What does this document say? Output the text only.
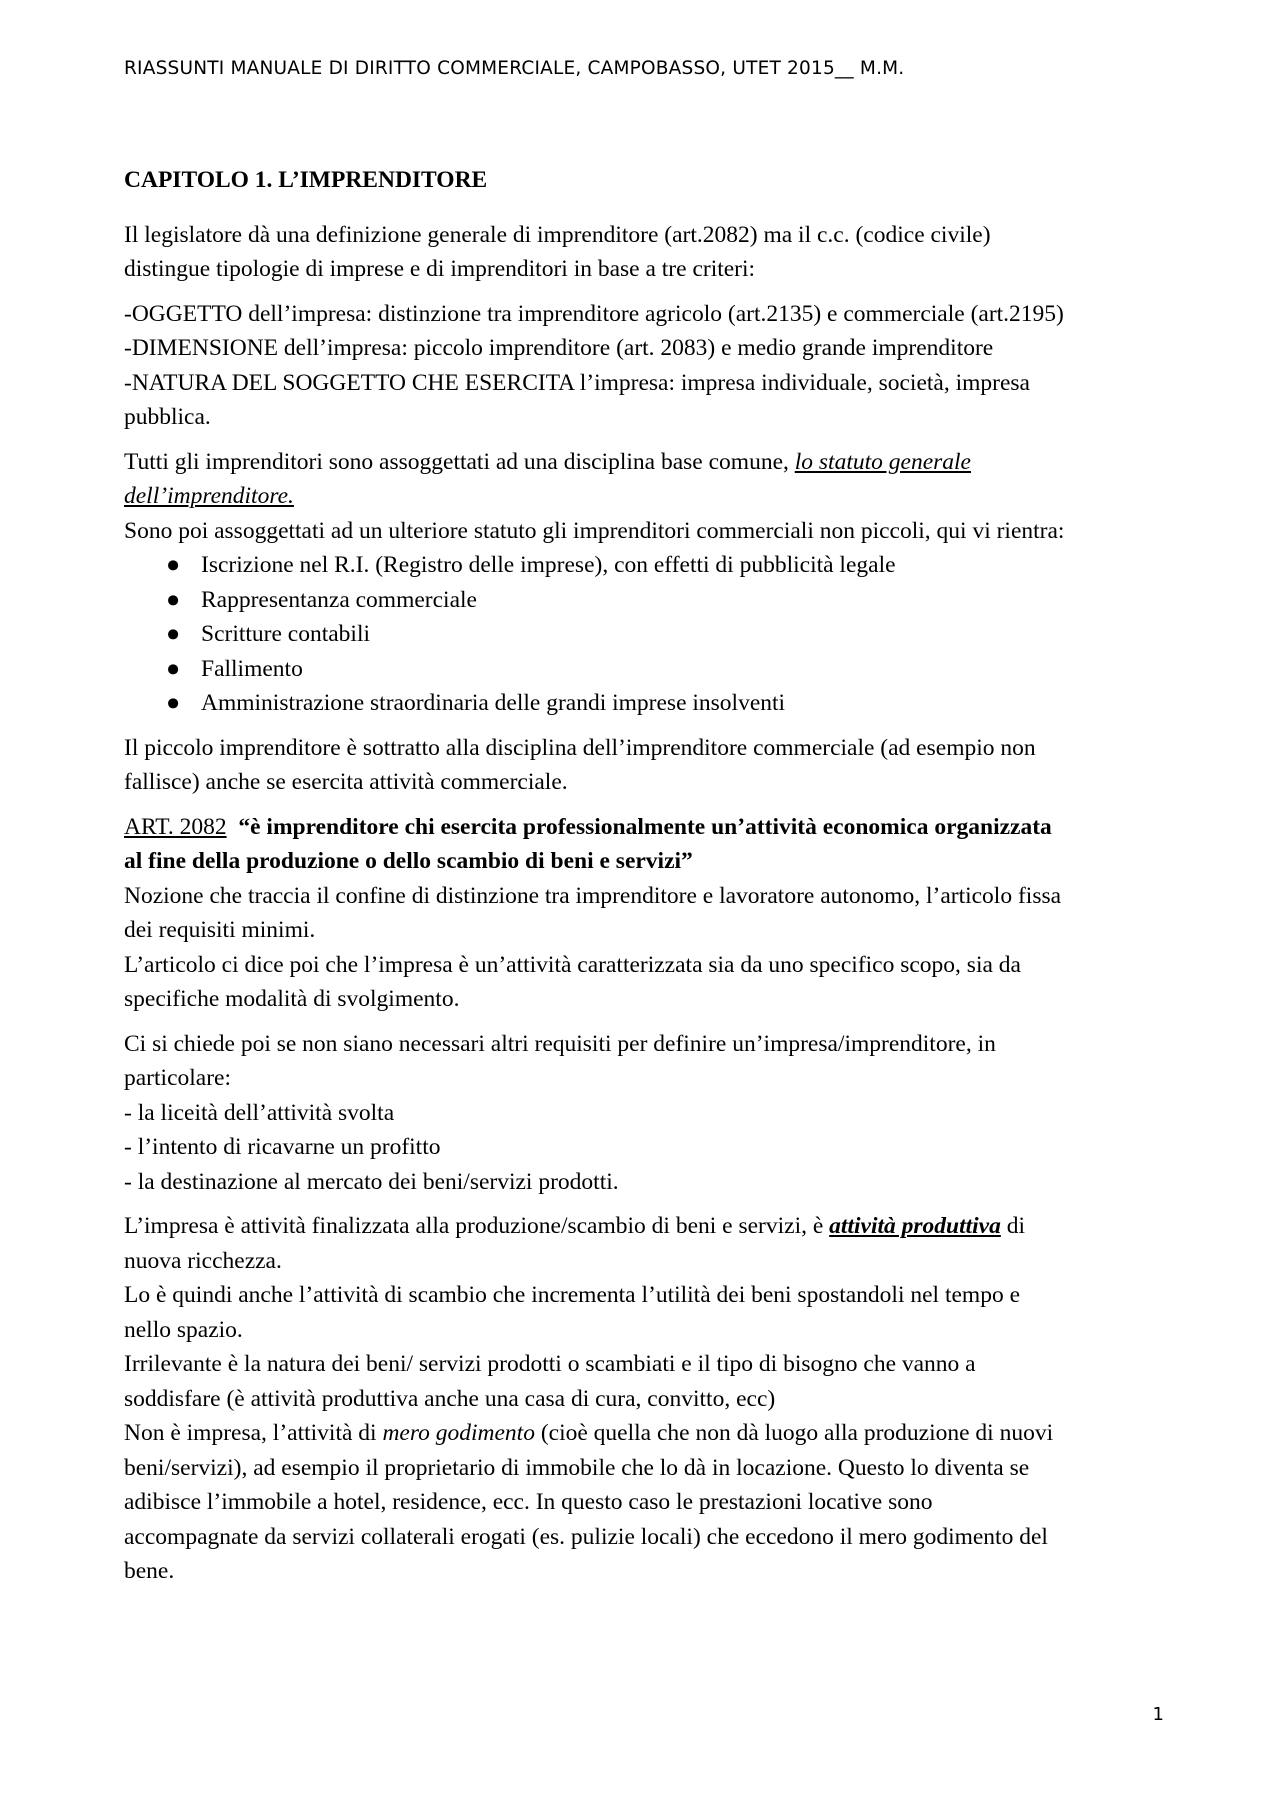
RIASSUNTI MANUALE DI DIRITTO COMMERCIALE, CAMPOBASSO, UTET 2015__ M.M.
CAPITOLO 1. L’IMPRENDITORE

Il legislatore dà una definizione generale di imprenditore (art.2082) ma il c.c. (codice civile)

distingue tipologie di imprese e di imprenditori in base a tre criteri:

-OGGETTO dell’impresa: distinzione tra imprenditore agricolo (art.2135) e commerciale (art.2195)

-DIMENSIONE dell’impresa: piccolo imprenditore (art. 2083) e medio grande imprenditore

-NATURA DEL SOGGETTO CHE ESERCITA l’impresa: impresa individuale, società, impresa

pubblica.

Tutti gli imprenditori sono assoggettati ad una disciplina base comune, lo statuto generale

dell’imprenditore.

Sono poi assoggettati ad un ulteriore statuto gli imprenditori commerciali non piccoli, qui vi rientra:

● Iscrizione nel R.I. (Registro delle imprese), con effetti di pubblicità legale
● Rappresentanza commerciale
● Scritture contabili
● Fallimento
● Amministrazione straordinaria delle grandi imprese insolventi

Il piccolo imprenditore è sottratto alla disciplina dell’imprenditore commerciale (ad esempio non

fallisce) anche se esercita attività commerciale.

ART. 2082 “è imprenditore chi esercita professionalmente un’attività economica organizzata

al fine della produzione o dello scambio di beni e servizi”

Nozione che traccia il confine di distinzione tra imprenditore e lavoratore autonomo, l’articolo fissa

dei requisiti minimi.

L’articolo ci dice poi che l’impresa è un’attività caratterizzata sia da uno specifico scopo, sia da

specifiche modalità di svolgimento.

Ci si chiede poi se non siano necessari altri requisiti per definire un’impresa/imprenditore, in

particolare:

- la liceità dell’attività svolta

- l’intento di ricavarne un profitto

- la destinazione al mercato dei beni/servizi prodotti.

L’impresa è attività finalizzata alla produzione/scambio di beni e servizi, è attività produttiva di

nuova ricchezza.

Lo è quindi anche l’attività di scambio che incrementa l’utilità dei beni spostandoli nel tempo e

nello spazio.

Irrilevante è la natura dei beni/ servizi prodotti o scambiati e il tipo di bisogno che vanno a

soddisfare (è attività produttiva anche una casa di cura, convitto, ecc)

Non è impresa, l’attività di mero godimento (cioè quella che non dà luogo alla produzione di nuovi

beni/servizi), ad esempio il proprietario di immobile che lo dà in locazione. Questo lo diventa se

adibisce l’immobile a hotel, residence, ecc. In questo caso le prestazioni locative sono

accompagnate da servizi collaterali erogati (es. pulizie locali) che eccedono il mero godimento del

bene.

1
